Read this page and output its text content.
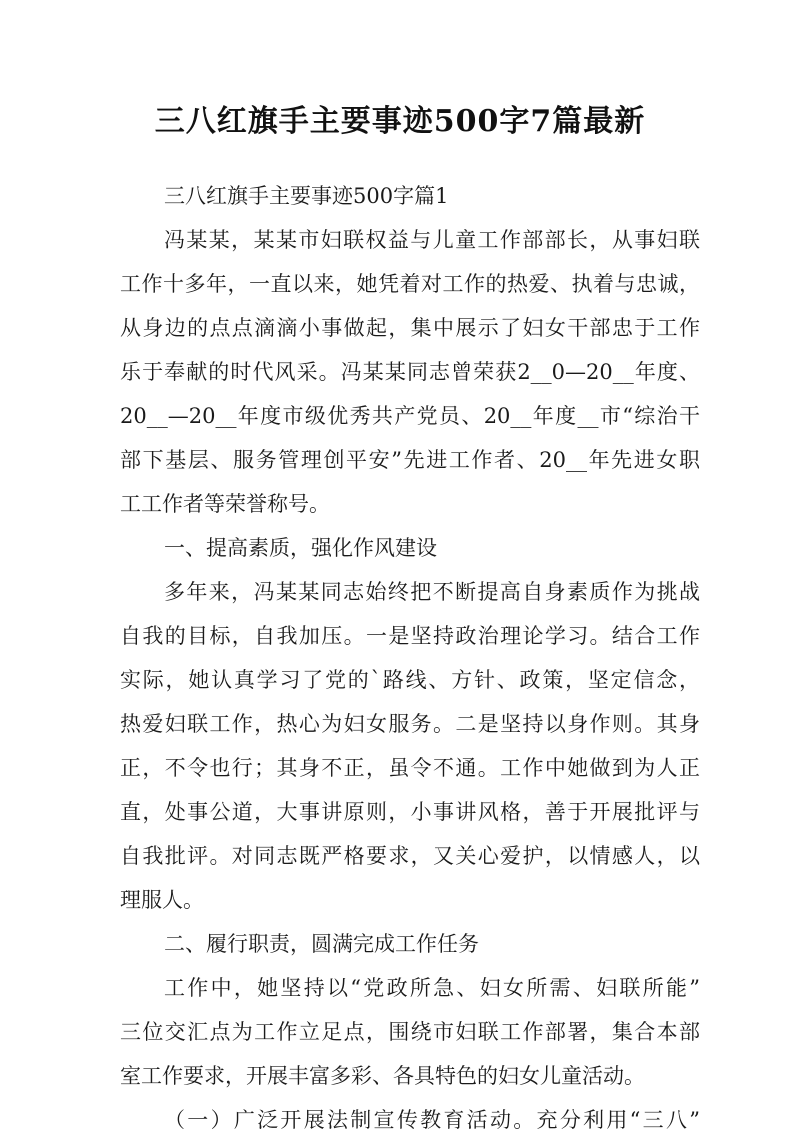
三八红旗手主要事迹500字7篇最新
三八红旗手主要事迹500字篇1
冯某某，某某市妇联权益与儿童工作部部长，从事妇联
工作十多年，一直以来，她凭着对工作的热爱、执着与忠诚，
从身边的点点滴滴小事做起，集中展示了妇女干部忠于工作
乐于奉献的时代风采。冯某某同志曾荣获2__0—20__年度、
20__—20__年度市级优秀共产党员、20__年度__市“综治干
部下基层、服务管理创平安”先进工作者、20__年先进女职
工工作者等荣誉称号。
一、提高素质，强化作风建设
多年来，冯某某同志始终把不断提高自身素质作为挑战
自我的目标，自我加压。一是坚持政治理论学习。结合工作
实际，她认真学习了党的`路线、方针、政策，坚定信念，
热爱妇联工作，热心为妇女服务。二是坚持以身作则。其身
正，不令也行；其身不正，虽令不通。工作中她做到为人正
直，处事公道，大事讲原则，小事讲风格，善于开展批评与
自我批评。对同志既严格要求，又关心爱护，以情感人，以
理服人。
二、履行职责，圆满完成工作任务
工作中，她坚持以“党政所急、妇女所需、妇联所能”
三位交汇点为工作立足点，围绕市妇联工作部署，集合本部
室工作要求，开展丰富多彩、各具特色的妇女儿童活动。
（一）广泛开展法制宣传教育活动。充分利用“三八”
